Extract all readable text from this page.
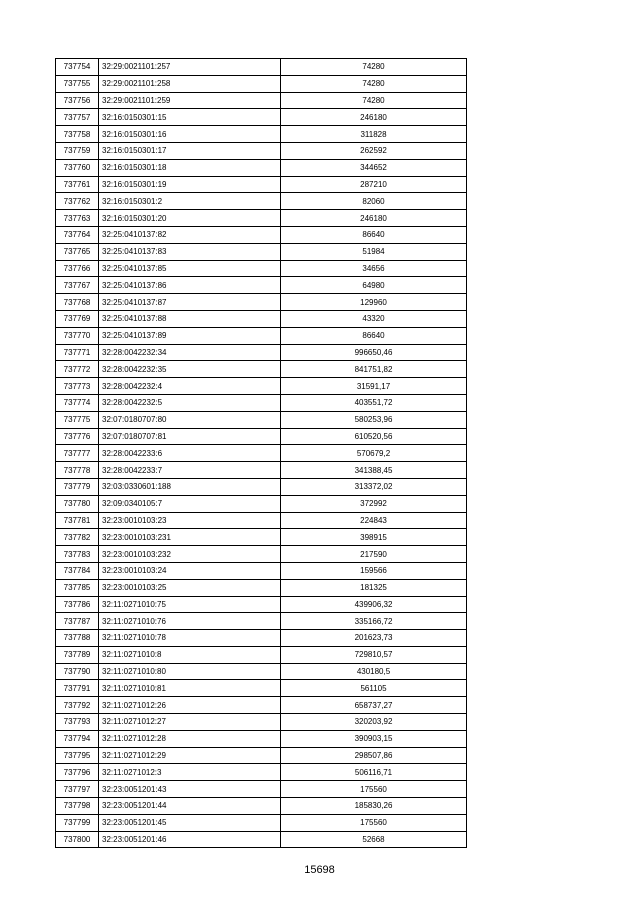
737754	32:29:0021101:257	74280
737755	32:29:0021101:258	74280
737756	32:29:0021101:259	74280
737757	32:16:0150301:15	246180
737758	32:16:0150301:16	311828
737759	32:16:0150301:17	262592
737760	32:16:0150301:18	344652
737761	32:16:0150301:19	287210
737762	32:16:0150301:2	82060
737763	32:16:0150301:20	246180
737764	32:25:0410137:82	86640
737765	32:25:0410137:83	51984
737766	32:25:0410137:85	34656
737767	32:25:0410137:86	64980
737768	32:25:0410137:87	129960
737769	32:25:0410137:88	43320
737770	32:25:0410137:89	86640
737771	32:28:0042232:34	996650,46
737772	32:28:0042232:35	841751,82
737773	32:28:0042232:4	31591,17
737774	32:28:0042232:5	403551,72
737775	32:07:0180707:80	580253,96
737776	32:07:0180707:81	610520,56
737777	32:28:0042233:6	570679,2
737778	32:28:0042233:7	341388,45
737779	32:03:0330601:188	313372,02
737780	32:09:0340105:7	372992
737781	32:23:0010103:23	224843
737782	32:23:0010103:231	398915
737783	32:23:0010103:232	217590
737784	32:23:0010103:24	159566
737785	32:23:0010103:25	181325
737786	32:11:0271010:75	439906,32
737787	32:11:0271010:76	335166,72
737788	32:11:0271010:78	201623,73
737789	32:11:0271010:8	729810,57
737790	32:11:0271010:80	430180,5
737791	32:11:0271010:81	561105
737792	32:11:0271012:26	658737,27
737793	32:11:0271012:27	320203,92
737794	32:11:0271012:28	390903,15
737795	32:11:0271012:29	298507,86
737796	32:11:0271012:3	506116,71
737797	32:23:0051201:43	175560
737798	32:23:0051201:44	185830,26
737799	32:23:0051201:45	175560
737800	32:23:0051201:46	52668
15698
